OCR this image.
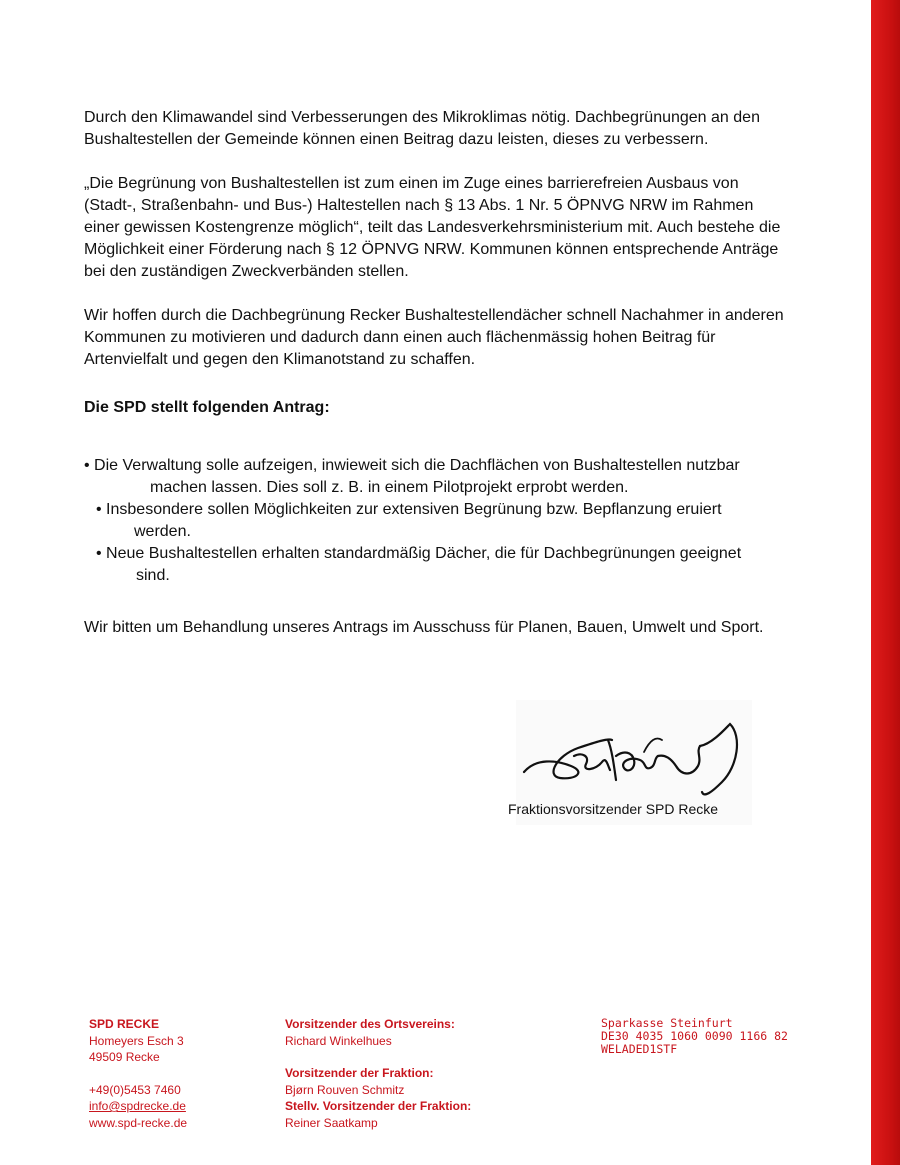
Durch den Klimawandel sind Verbesserungen des Mikroklimas nötig. Dachbegrünungen an den Bushaltestellen der Gemeinde können einen Beitrag dazu leisten, dieses zu verbessern.

„Die Begrünung von Bushaltestellen ist zum einen im Zuge eines barrierefreien Ausbaus von (Stadt-, Straßenbahn- und Bus-) Haltestellen nach § 13 Abs. 1 Nr. 5 ÖPNVG NRW im Rahmen einer gewissen Kostengrenze möglich“, teilt das Landesverkehrsministerium mit. Auch bestehe die Möglichkeit einer Förderung nach § 12 ÖPNVG NRW. Kommunen können entsprechende Anträge bei den zuständigen Zweckverbänden stellen.

Wir hoffen durch die Dachbegrünung Recker Bushaltestellendächer schnell Nachahmer in anderen Kommunen zu motivieren und dadurch dann einen auch flächenmässig hohen Beitrag für Artenvielfalt und gegen den Klimanotstand zu schaffen.

Die SPD stellt folgenden Antrag:

• Die Verwaltung solle aufzeigen, inwieweit sich die Dachflächen von Bushaltestellen nutzbar
machen lassen. Dies soll z. B. in einem Pilotprojekt erprobt werden.
• Insbesondere sollen Möglichkeiten zur extensiven Begrünung bzw. Bepflanzung eruiert
werden.
• Neue Bushaltestellen erhalten standardmäßig Dächer, die für Dachbegrünungen geeignet
sind.

Wir bitten um Behandlung unseres Antrags im Ausschuss für Planen, Bauen, Umwelt und Sport.

Fraktionsvorsitzender SPD Recke
SPD RECKE
Homeyers Esch 3
49509 Recke
+49(0)5453 7460
info@spdrecke.de
www.spd-recke.de
Vorsitzender des Ortsvereins:
Richard Winkelhues
Vorsitzender der Fraktion:
Bjørn Rouven Schmitz
Stellv. Vorsitzender der Fraktion:
Reiner Saatkamp
Sparkasse Steinfurt
DE30 4035 1060 0090 1166 82
WELADED1STF
